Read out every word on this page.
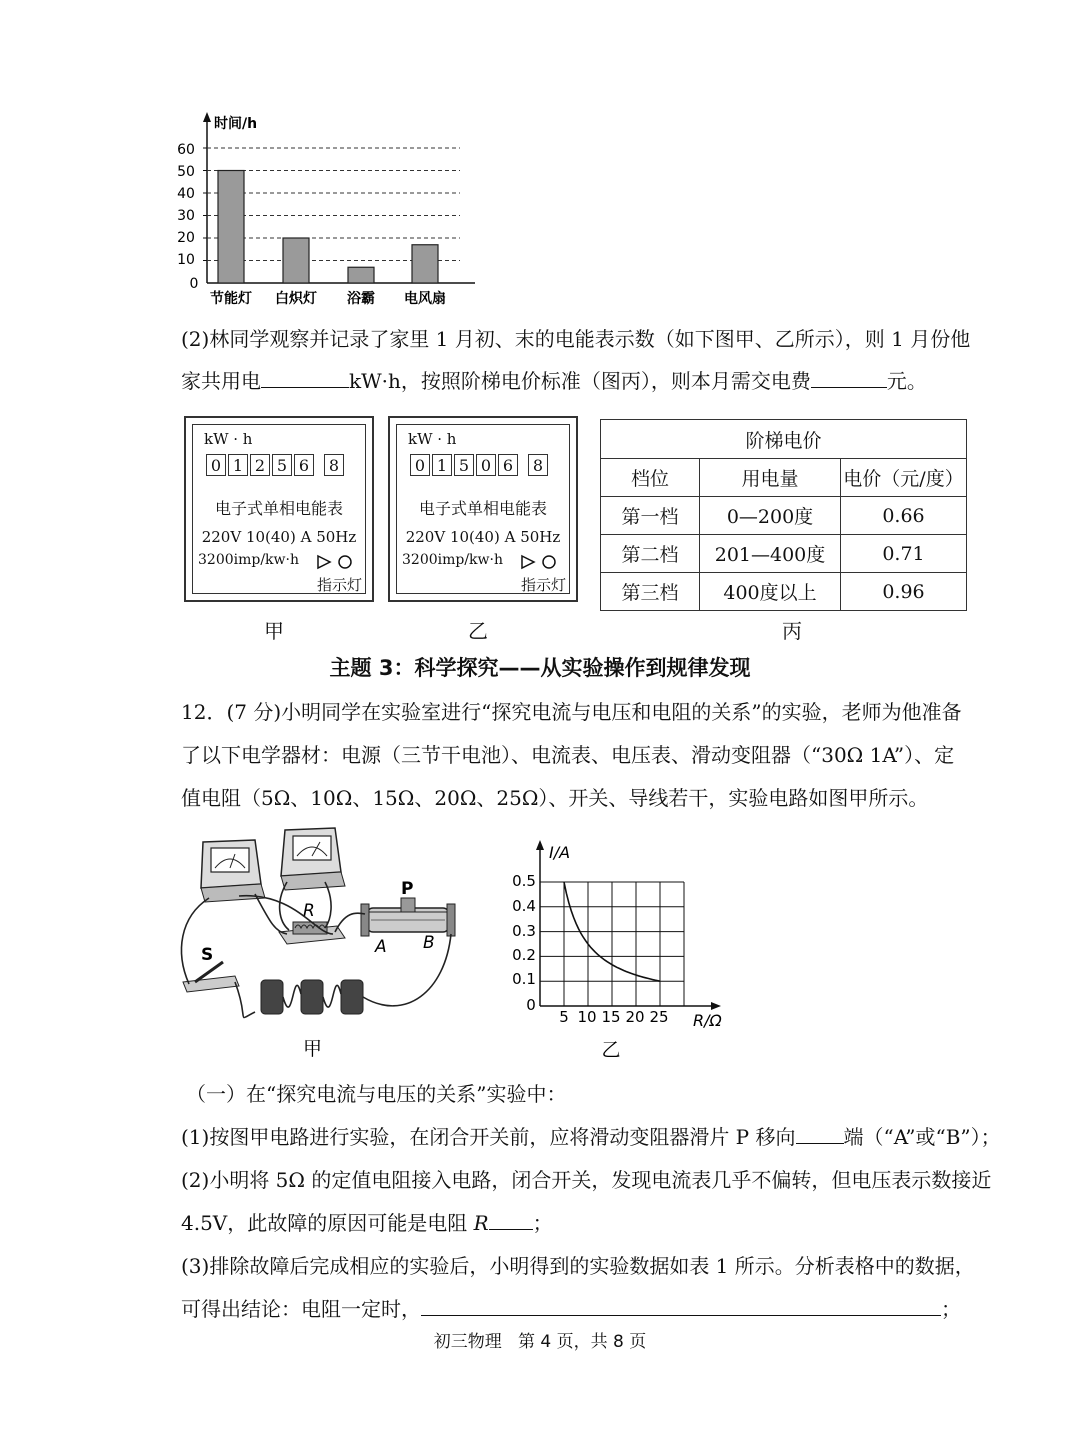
时间/h
60
50
40
30
20
10
0
节能灯 白炽灯 浴霸 电风扇
(2)林同学观察并记录了家里 1 月初、末的电能表示数（如下图甲、乙所示），则 1 月份他
家共用电	kW·h，按照阶梯电价标准（图丙），则本月需交电费	元。
kW · h
0 1 2 5 6	8
电子式单相电能表
220V 10(40) A 50Hz
3200imp/kw·h
指示灯
甲
kW · h
0 1 5 0 6	8
电子式单相电能表
220V 10(40) A 50Hz
3200imp/kw·h
指示灯
乙
阶梯电价		
档位	用电量	电价（元/度）
第一档	0—200度	0.66
第二档	201—400度	0.71
第三档	400度以上	0.96
丙
主题 3：科学探究——从实验操作到规律发现
12．(7 分)小明同学在实验室进行“探究电流与电压和电阻的关系”的实验，老师为他准备
了以下电学器材：电源（三节干电池）、电流表、电压表、滑动变阻器（“30Ω 1A”）、定
值电阻（5Ω、10Ω、15Ω、20Ω、25Ω）、开关、导线若干，实验电路如图甲所示。
R
P
A B
S
甲
I/A
R/Ω
0.5
0.4
0.3
0.2
0.1
0
5 10 15 20 25
乙
（一）在“探究电流与电压的关系”实验中：
(1)按图甲电路进行实验，在闭合开关前，应将滑动变阻器滑片 P 移向 端（“A”或“B”）；
(2)小明将 5Ω 的定值电阻接入电路，闭合开关，发现电流表几乎不偏转，但电压表示数接近
4.5V，此故障的原因可能是电阻 R ；
(3)排除故障后完成相应的实验后，小明得到的实验数据如表 1 所示。分析表格中的数据，
可得出结论：电阻一定时，	；
初三物理   第 4 页，共 8 页
